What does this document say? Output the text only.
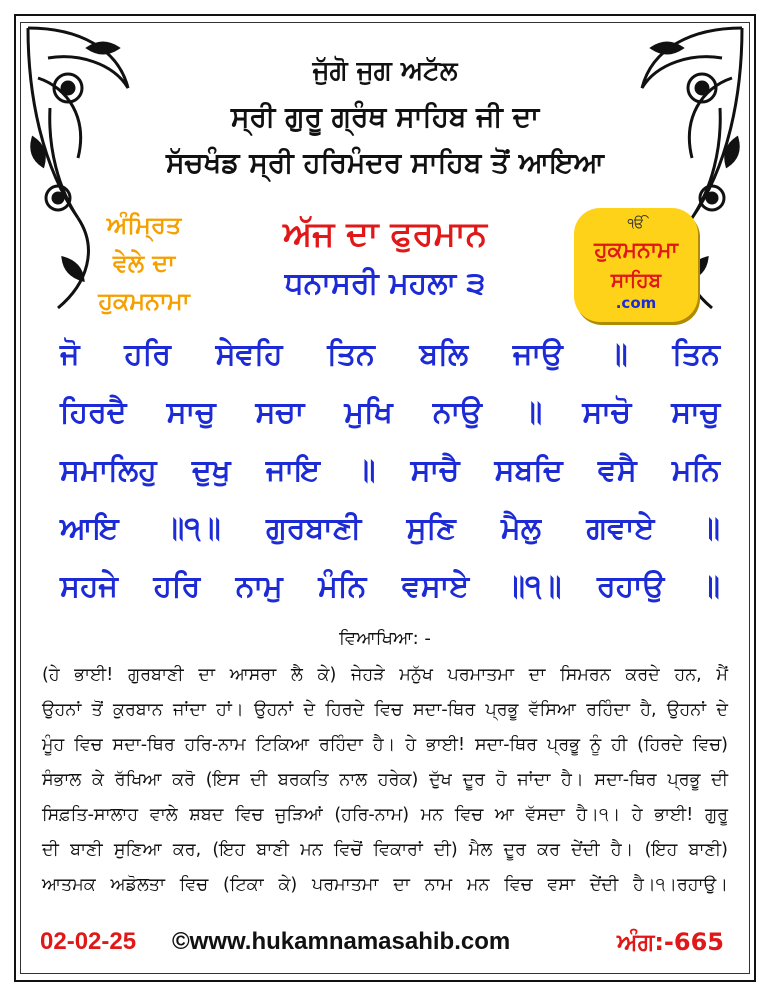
ਜੁੱਗੋ ਜੁਗ ਅਟੱਲ
ਸ੍ਰੀ ਗੁਰੂ ਗ੍ਰੰਥ ਸਾਹਿਬ ਜੀ ਦਾ
ਸੱਚਖੰਡ ਸ੍ਰੀ ਹਰਿਮੰਦਰ ਸਾਹਿਬ ਤੋਂ ਆਇਆ
ਅੰਮ੍ਰਿਤ
ਵੇਲੇ ਦਾ
ਹੁਕਮਨਾਮਾ
ਅੱਜ ਦਾ ਫੁਰਮਾਨ
ਧਨਾਸਰੀ ਮਹਲਾ ੩
ੴ
ਹੁਕਮਨਾਮਾ
ਸਾਹਿਬ
.com
ਜੋ ਹਰਿ ਸੇਵਹਿ ਤਿਨ ਬਲਿ ਜਾਉ ॥ ਤਿਨ
ਹਿਰਦੈ ਸਾਚੁ ਸਚਾ ਮੁਖਿ ਨਾਉ ॥ ਸਾਚੋ ਸਾਚੁ
ਸਮਾਲਿਹੁ ਦੁਖੁ ਜਾਇ ॥ ਸਾਚੈ ਸਬਦਿ ਵਸੈ ਮਨਿ
ਆਇ ॥੧॥ ਗੁਰਬਾਣੀ ਸੁਣਿ ਮੈਲੁ ਗਵਾਏ ॥
ਸਹਜੇ ਹਰਿ ਨਾਮੁ ਮੰਨਿ ਵਸਾਏ ॥੧॥ ਰਹਾਉ ॥
ਵਿਆਖਿਆ: -
(ਹੇ ਭਾਈ! ਗੁਰਬਾਣੀ ਦਾ ਆਸਰਾ ਲੈ ਕੇ) ਜੇਹੜੇ ਮਨੁੱਖ ਪਰਮਾਤਮਾ ਦਾ ਸਿਮਰਨ ਕਰਦੇ ਹਨ, ਮੈਂ
ਉਹਨਾਂ ਤੋਂ ਕੁਰਬਾਨ ਜਾਂਦਾ ਹਾਂ। ਉਹਨਾਂ ਦੇ ਹਿਰਦੇ ਵਿਚ ਸਦਾ-ਥਿਰ ਪ੍ਰਭੂ ਵੱਸਿਆ ਰਹਿੰਦਾ ਹੈ, ਉਹਨਾਂ ਦੇ
ਮੂੰਹ ਵਿਚ ਸਦਾ-ਥਿਰ ਹਰਿ-ਨਾਮ ਟਿਕਿਆ ਰਹਿੰਦਾ ਹੈ। ਹੇ ਭਾਈ! ਸਦਾ-ਥਿਰ ਪ੍ਰਭੂ ਨੂੰ ਹੀ (ਹਿਰਦੇ ਵਿਚ)
ਸੰਭਾਲ ਕੇ ਰੱਖਿਆ ਕਰੋ (ਇਸ ਦੀ ਬਰਕਤਿ ਨਾਲ ਹਰੇਕ) ਦੁੱਖ ਦੂਰ ਹੋ ਜਾਂਦਾ ਹੈ। ਸਦਾ-ਥਿਰ ਪ੍ਰਭੂ ਦੀ
ਸਿਫ਼ਤਿ-ਸਾਲਾਹ ਵਾਲੇ ਸ਼ਬਦ ਵਿਚ ਜੁੜਿਆਂ (ਹਰਿ-ਨਾਮ) ਮਨ ਵਿਚ ਆ ਵੱਸਦਾ ਹੈ।੧। ਹੇ ਭਾਈ! ਗੁਰੂ
ਦੀ ਬਾਣੀ ਸੁਣਿਆ ਕਰ, (ਇਹ ਬਾਣੀ ਮਨ ਵਿਚੋਂ ਵਿਕਾਰਾਂ ਦੀ) ਮੈਲ ਦੂਰ ਕਰ ਦੇਂਦੀ ਹੈ। (ਇਹ ਬਾਣੀ)
ਆਤਮਕ ਅਡੋਲਤਾ ਵਿਚ (ਟਿਕਾ ਕੇ) ਪਰਮਾਤਮਾ ਦਾ ਨਾਮ ਮਨ ਵਿਚ ਵਸਾ ਦੇਂਦੀ ਹੈ।੧।ਰਹਾਉ।
02-02-25 ©www.hukamnamasahib.com	ਅੰਗ:-665
